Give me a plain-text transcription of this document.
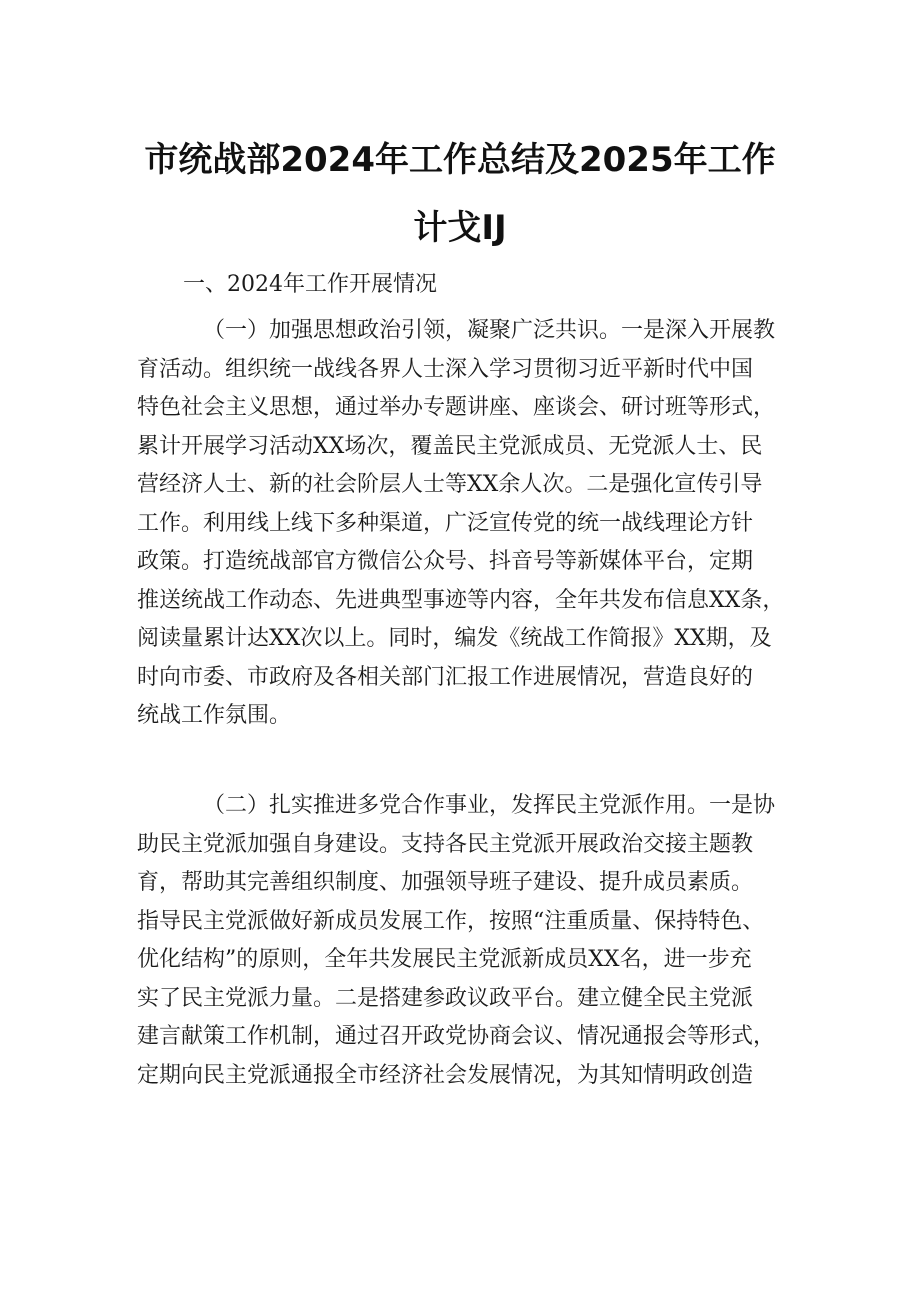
市统战部2024年工作总结及2025年工作
计戈IJ
一、2024年工作开展情况
（一）加强思想政治引领，凝聚广泛共识。一是深入开展教
育活动。组织统一战线各界人士深入学习贯彻习近平新时代中国
特色社会主义思想，通过举办专题讲座、座谈会、研讨班等形式，
累计开展学习活动XX场次，覆盖民主党派成员、无党派人士、民
营经济人士、新的社会阶层人士等XX余人次。二是强化宣传引导
工作。利用线上线下多种渠道，广泛宣传党的统一战线理论方针
政策。打造统战部官方微信公众号、抖音号等新媒体平台，定期
推送统战工作动态、先进典型事迹等内容，全年共发布信息XX条，
阅读量累计达XX次以上。同时，编发《统战工作简报》XX期，及
时向市委、市政府及各相关部门汇报工作进展情况，营造良好的
统战工作氛围。
（二）扎实推进多党合作事业，发挥民主党派作用。一是协
助民主党派加强自身建设。支持各民主党派开展政治交接主题教
育，帮助其完善组织制度、加强领导班子建设、提升成员素质。
指导民主党派做好新成员发展工作，按照“注重质量、保持特色、
优化结构”的原则，全年共发展民主党派新成员XX名，进一步充
实了民主党派力量。二是搭建参政议政平台。建立健全民主党派
建言献策工作机制，通过召开政党协商会议、情况通报会等形式，
定期向民主党派通报全市经济社会发展情况，为其知情明政创造
